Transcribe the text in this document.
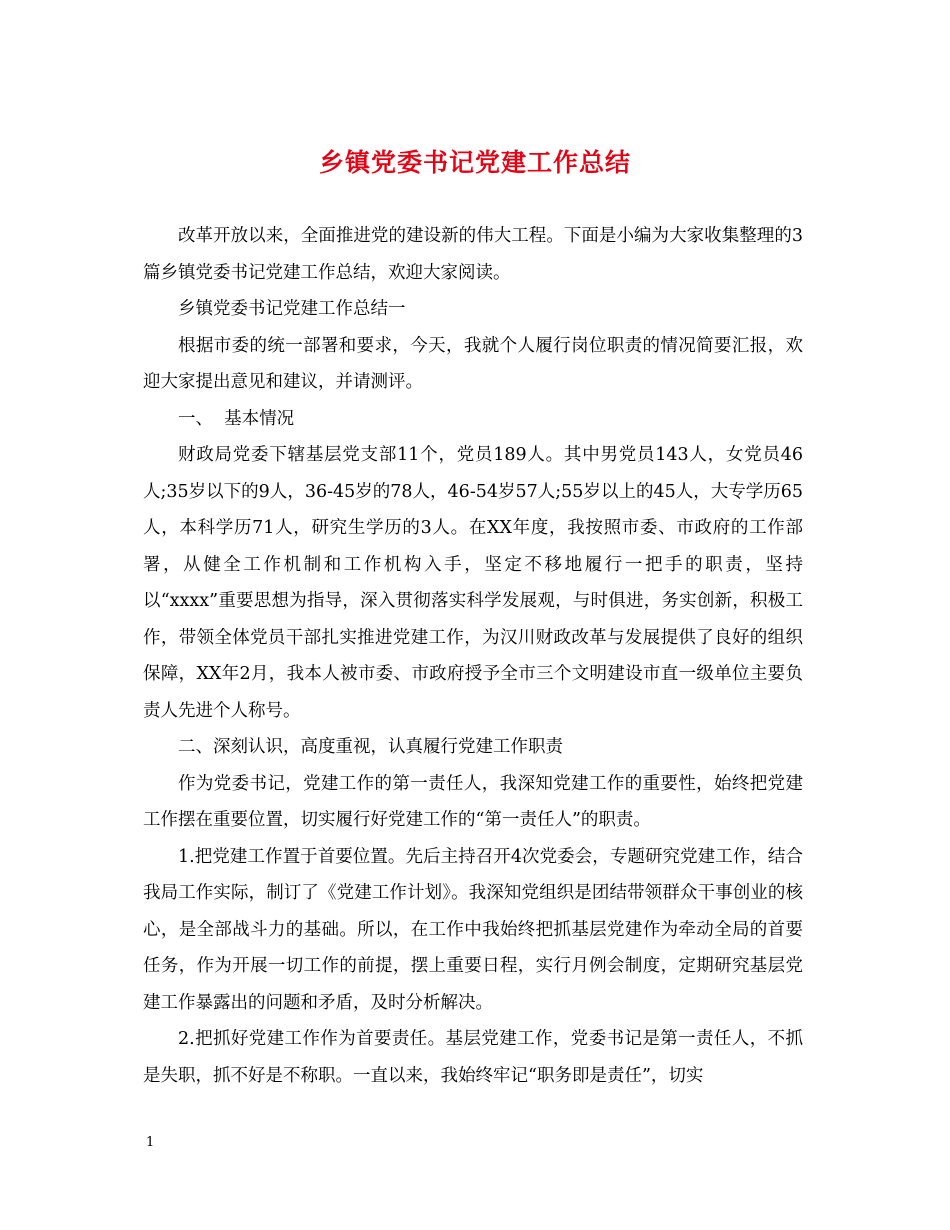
乡镇党委书记党建工作总结

改革开放以来，全面推进党的建设新的伟大工程。下面是小编为大家收集整理的3篇乡镇党委书记党建工作总结，欢迎大家阅读。

乡镇党委书记党建工作总结一

根据市委的统一部署和要求，今天，我就个人履行岗位职责的情况简要汇报，欢迎大家提出意见和建议，并请测评。

一、  基本情况

财政局党委下辖基层党支部11个，党员189人。其中男党员143人，女党员46人;35岁以下的9人，36-45岁的78人，46-54岁57人;55岁以上的45人，大专学历65人，本科学历71人，研究生学历的3人。在XX年度，我按照市委、市政府的工作部署，从健全工作机制和工作机构入手，坚定不移地履行一把手的职责，坚持以“xxxx”重要思想为指导，深入贯彻落实科学发展观，与时俱进，务实创新，积极工作，带领全体党员干部扎实推进党建工作，为汉川财政改革与发展提供了良好的组织保障，XX年2月，我本人被市委、市政府授予全市三个文明建设市直一级单位主要负责人先进个人称号。

二、深刻认识，高度重视，认真履行党建工作职责

作为党委书记，党建工作的第一责任人，我深知党建工作的重要性，始终把党建工作摆在重要位置，切实履行好党建工作的“第一责任人”的职责。

1.把党建工作置于首要位置。先后主持召开4次党委会，专题研究党建工作，结合我局工作实际，制订了《党建工作计划》。我深知党组织是团结带领群众干事创业的核心，是全部战斗力的基础。所以，在工作中我始终把抓基层党建作为牵动全局的首要任务，作为开展一切工作的前提，摆上重要日程，实行月例会制度，定期研究基层党建工作暴露出的问题和矛盾，及时分析解决。

2.把抓好党建工作作为首要责任。基层党建工作，党委书记是第一责任人，不抓是失职，抓不好是不称职。一直以来，我始终牢记“职务即是责任”，切实

1
